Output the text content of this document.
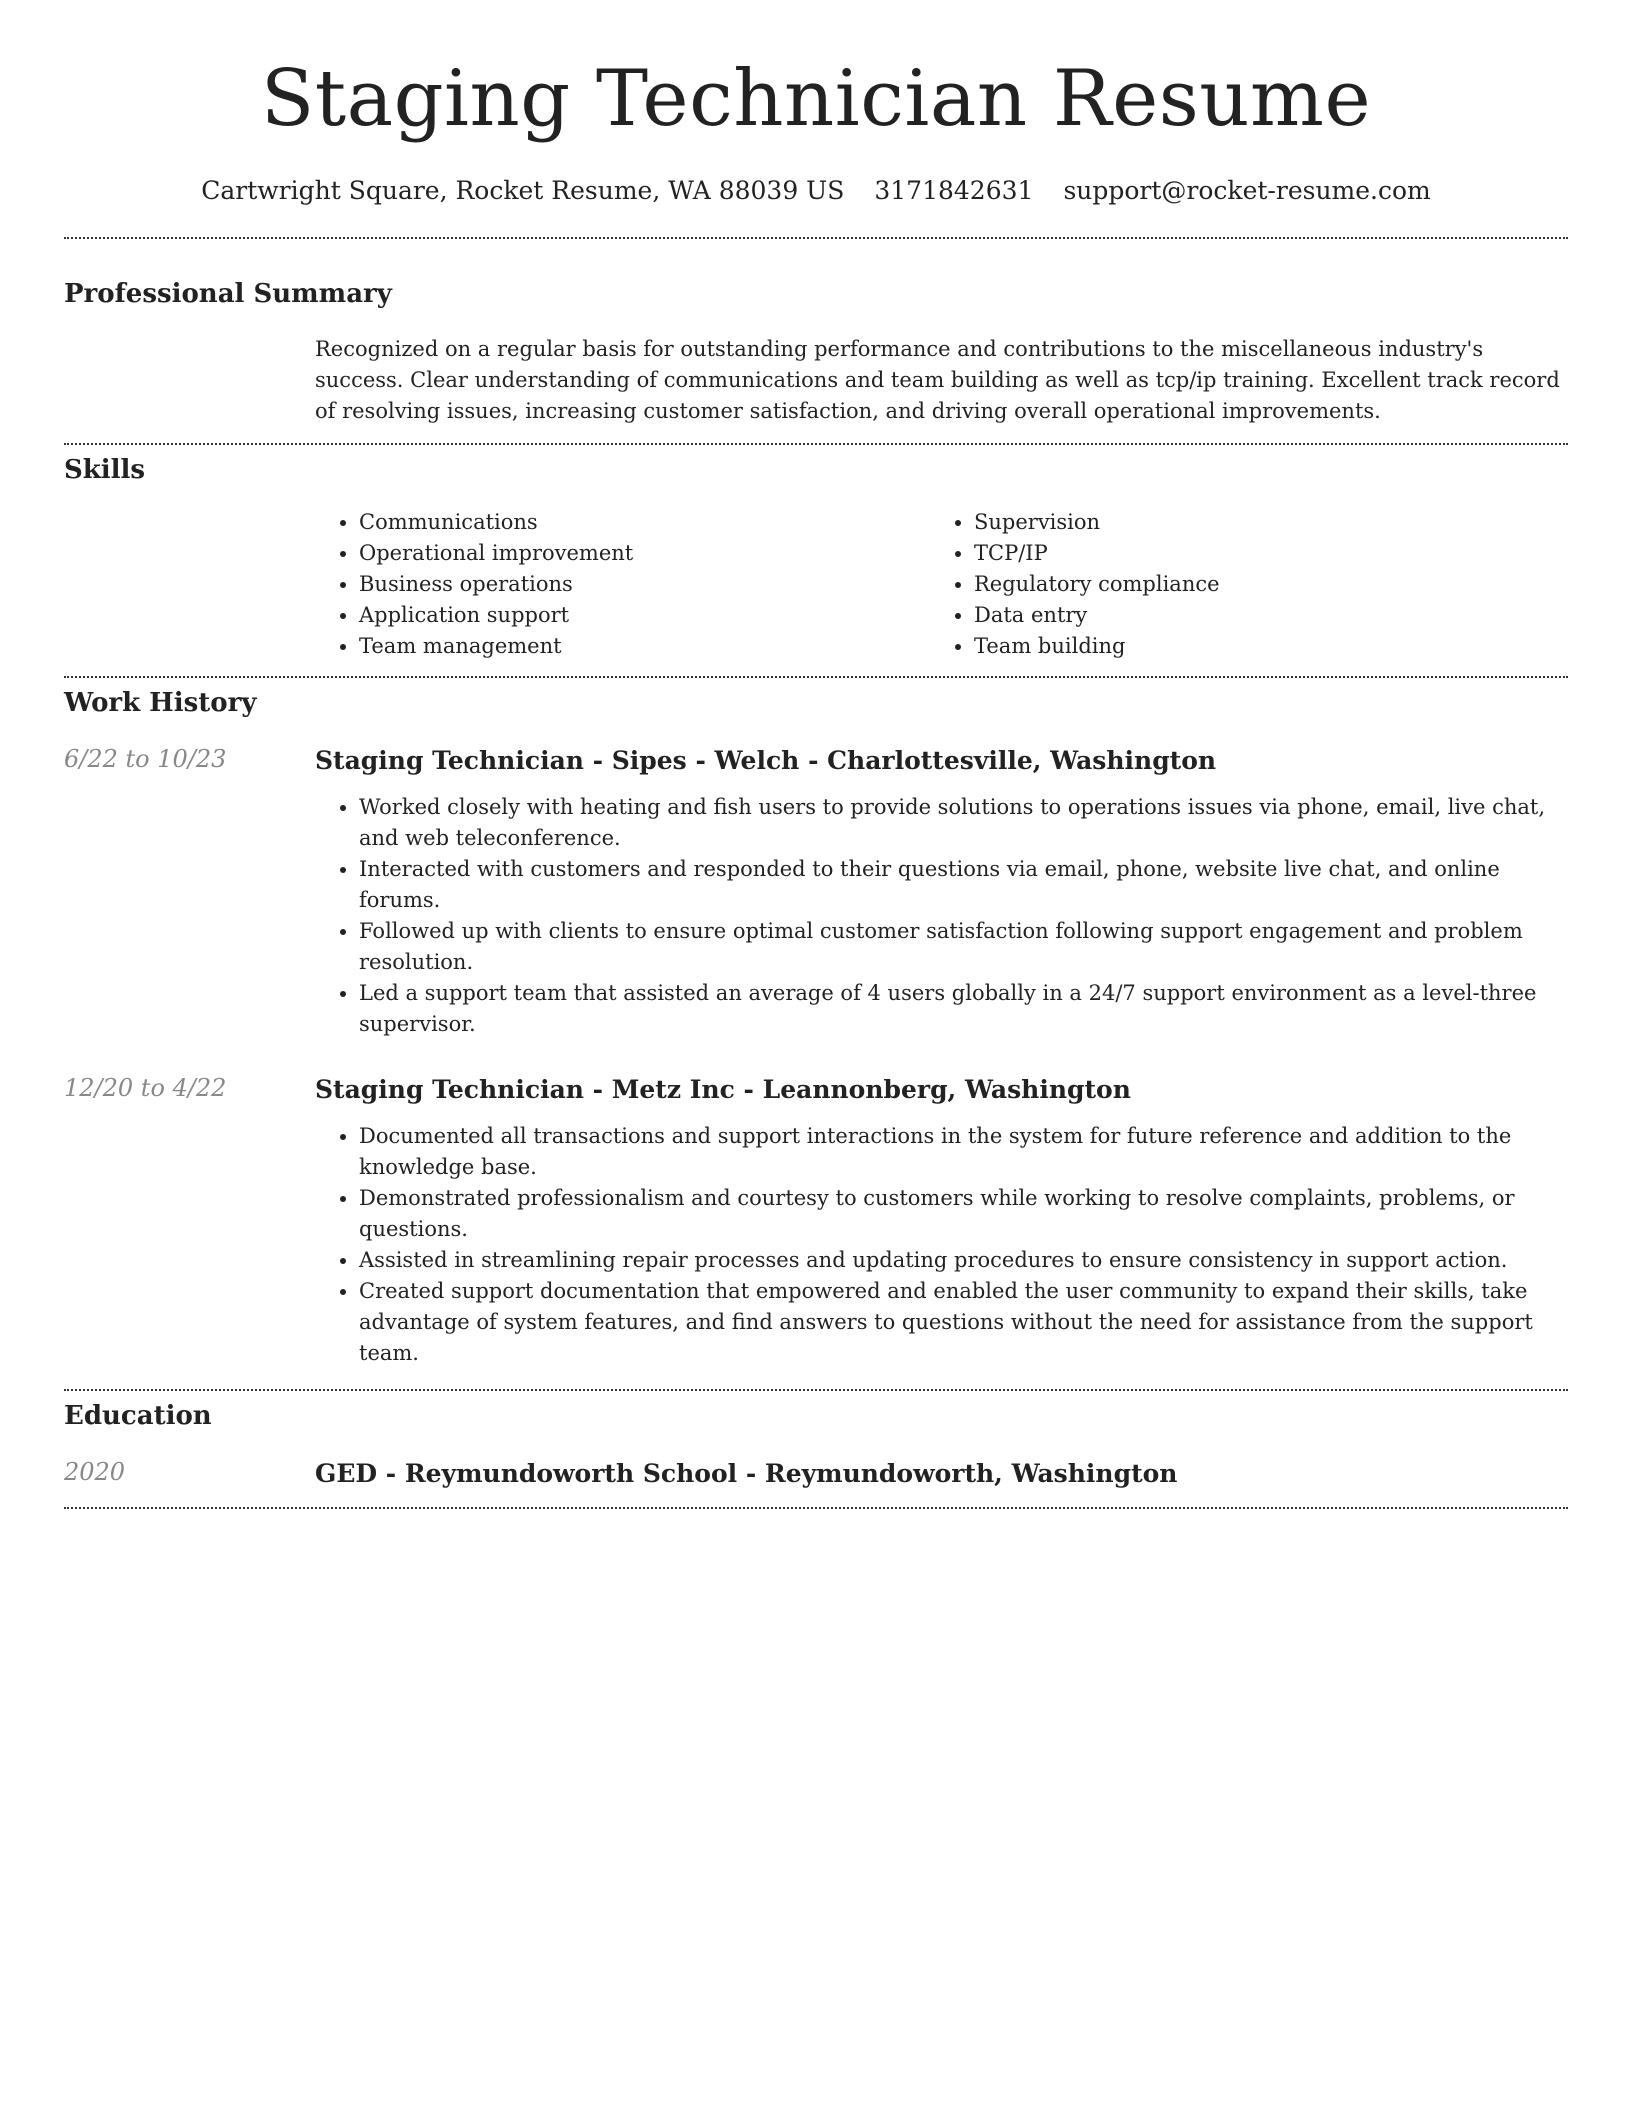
Staging Technician Resume
Cartwright Square, Rocket Resume, WA 88039 US 3171842631 support@rocket-resume.com
Professional Summary

Recognized on a regular basis for outstanding performance and contributions to the miscellaneous industry's success. Clear understanding of communications and team building as well as tcp/ip training. Excellent track record of resolving issues, increasing customer satisfaction, and driving overall operational improvements.

Skills
• Communications
• Operational improvement
• Business operations
• Application support
• Team management
• Supervision
• TCP/IP
• Regulatory compliance
• Data entry
• Team building
Work History
6/22 to 10/23	Staging Technician - Sipes - Welch - Charlottesville, Washington
• Worked closely with heating and fish users to provide solutions to operations issues via phone, email, live chat, and web teleconference.
• Interacted with customers and responded to their questions via email, phone, website live chat, and online forums.
• Followed up with clients to ensure optimal customer satisfaction following support engagement and problem resolution.
• Led a support team that assisted an average of 4 users globally in a 24/7 support environment as a level-three supervisor.
12/20 to 4/22	Staging Technician - Metz Inc - Leannonberg, Washington
• Documented all transactions and support interactions in the system for future reference and addition to the knowledge base.
• Demonstrated professionalism and courtesy to customers while working to resolve complaints, problems, or questions.
• Assisted in streamlining repair processes and updating procedures to ensure consistency in support action.
• Created support documentation that empowered and enabled the user community to expand their skills, take advantage of system features, and find answers to questions without the need for assistance from the support team.
Education
2020	GED - Reymundoworth School - Reymundoworth, Washington
